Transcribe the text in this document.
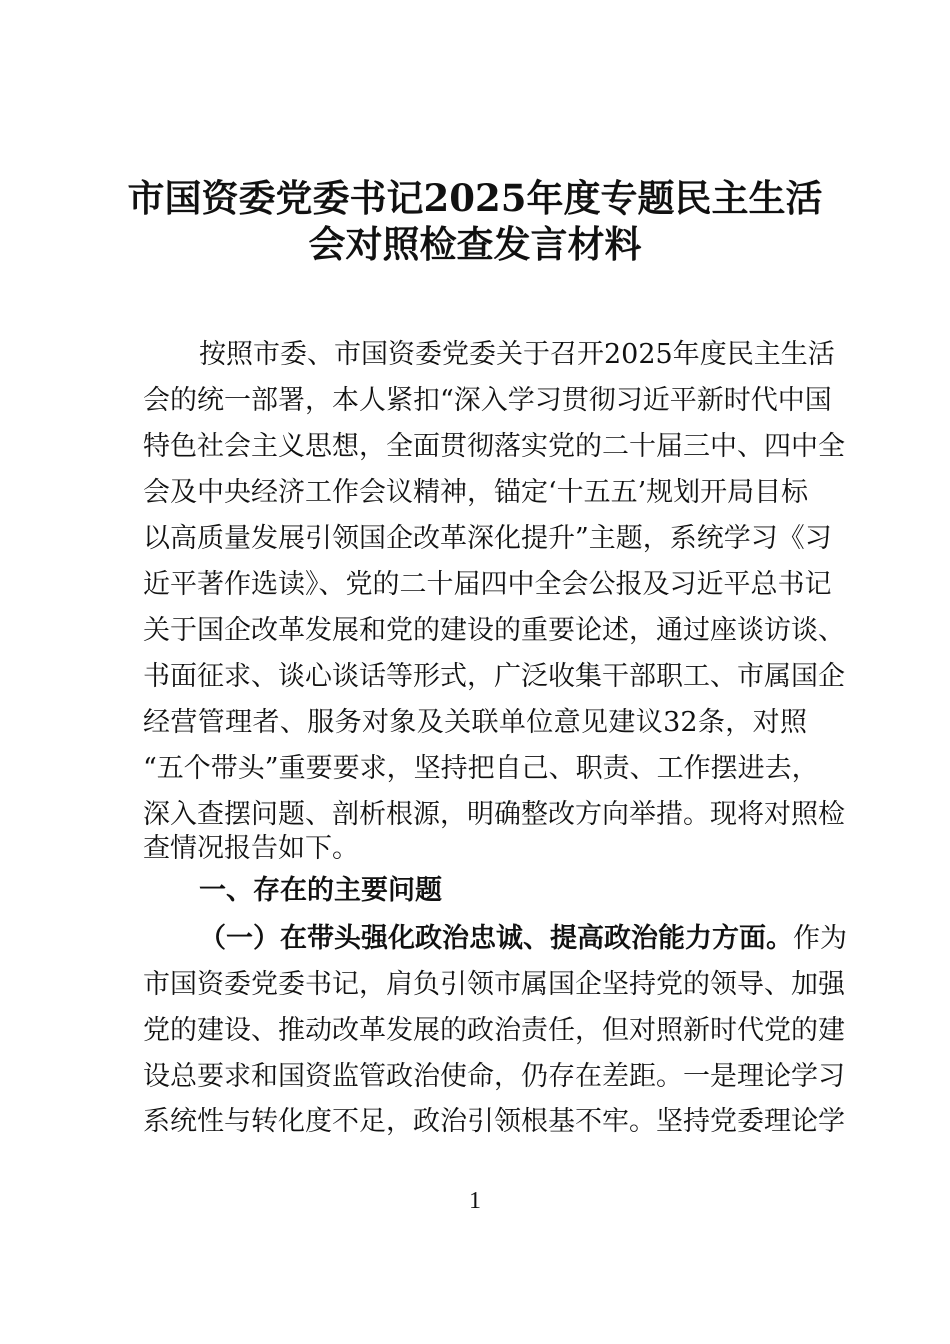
市国资委党委书记2025年度专题民主生活
会对照检查发言材料
按照市委、市国资委党委关于召开2025年度民主生活
会的统一部署，本人紧扣“深入学习贯彻习近平新时代中国
特色社会主义思想，全面贯彻落实党的二十届三中、四中全
会及中央经济工作会议精神，锚定‘十五五’规划开局目标
以高质量发展引领国企改革深化提升”主题，系统学习《习
近平著作选读》、党的二十届四中全会公报及习近平总书记
关于国企改革发展和党的建设的重要论述，通过座谈访谈、
书面征求、谈心谈话等形式，广泛收集干部职工、市属国企
经营管理者、服务对象及关联单位意见建议32条，对照
“五个带头”重要要求，坚持把自己、职责、工作摆进去，
深入查摆问题、剖析根源，明确整改方向举措。现将对照检
查情况报告如下。
一、存在的主要问题
（一）在带头强化政治忠诚、提高政治能力方面。作为
市国资委党委书记，肩负引领市属国企坚持党的领导、加强
党的建设、推动改革发展的政治责任，但对照新时代党的建
设总要求和国资监管政治使命，仍存在差距。一是理论学习
系统性与转化度不足，政治引领根基不牢。坚持党委理论学
1
